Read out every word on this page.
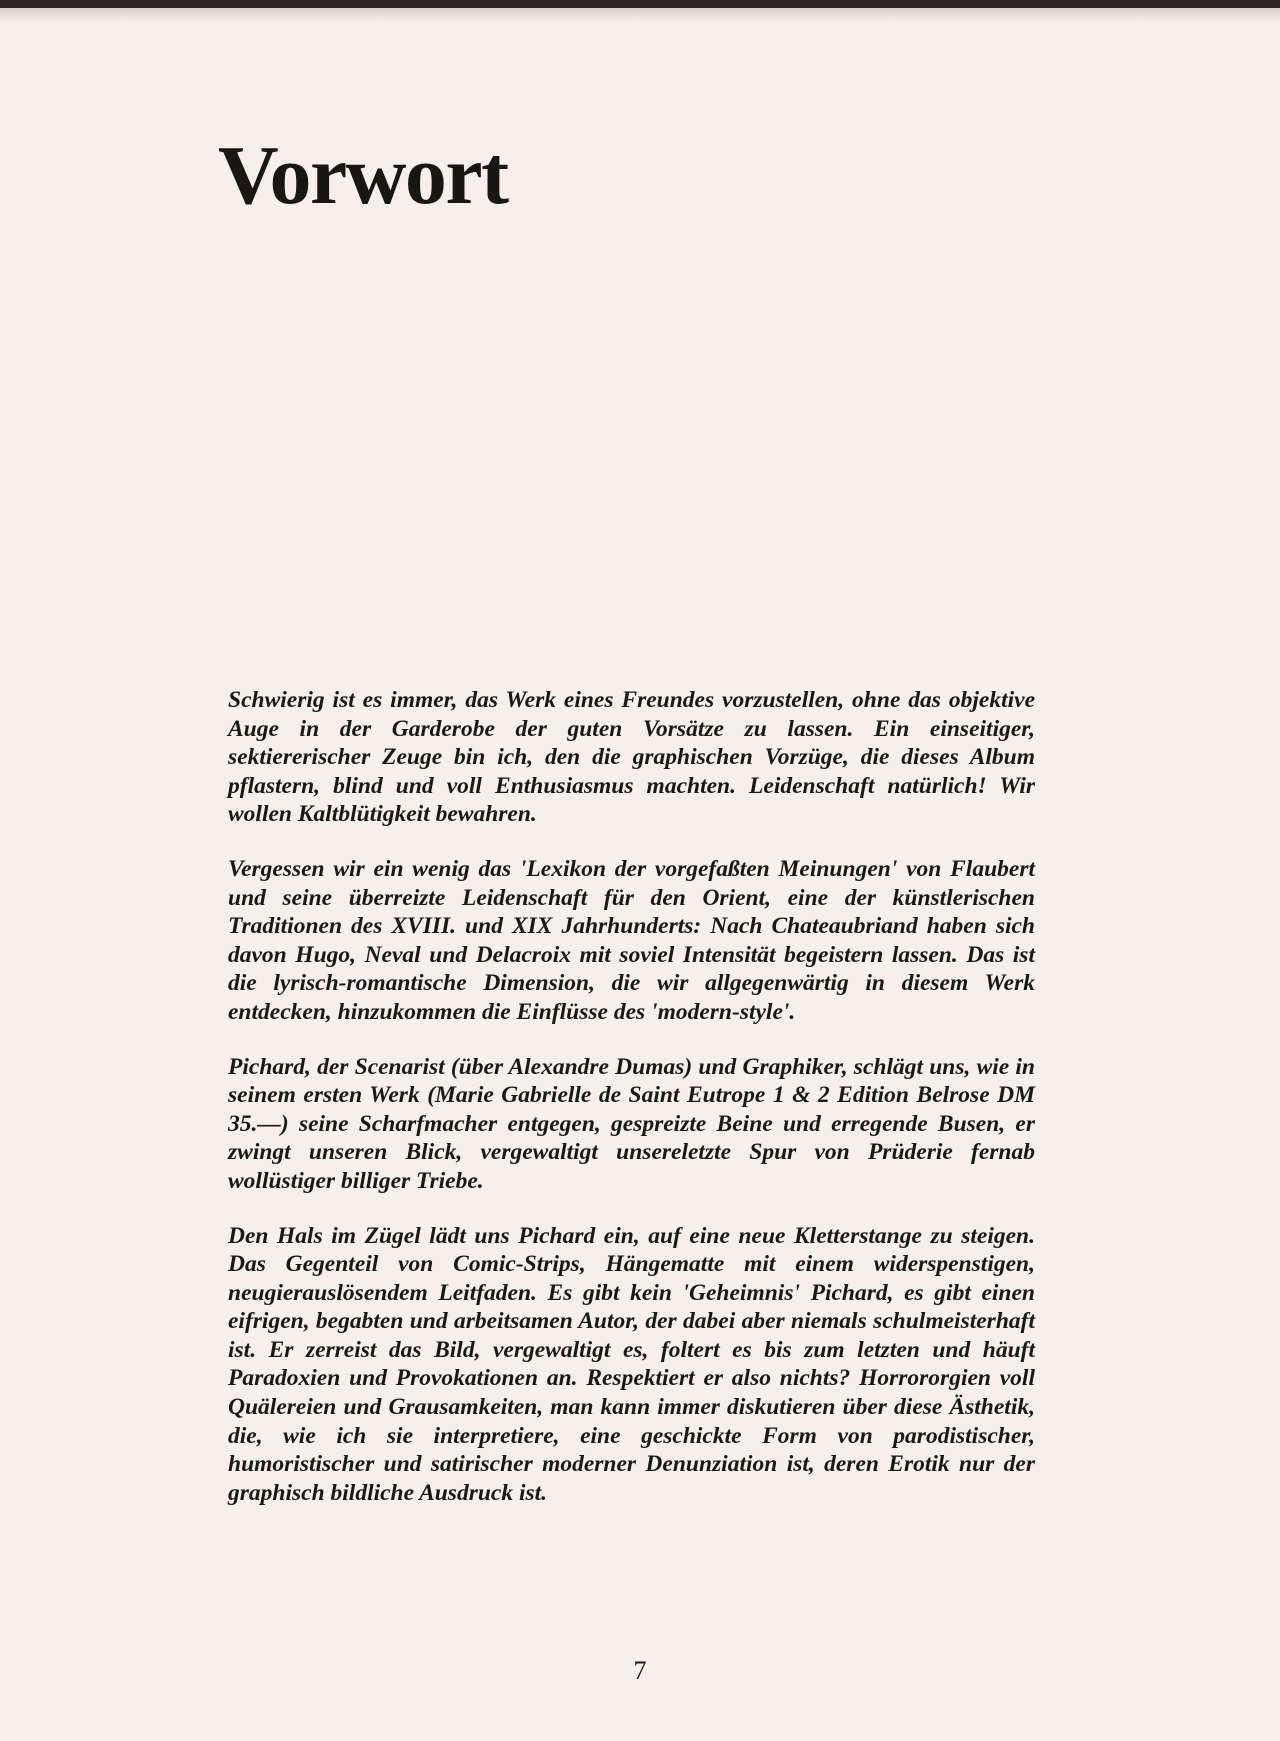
Vorwort

Schwierig ist es immer, das Werk eines Freundes vorzustellen, ohne das objektive Auge in der Garderobe der guten Vorsätze zu lassen. Ein einseitiger, sektiererischer Zeuge bin ich, den die graphischen Vorzüge, die dieses Album pflastern, blind und voll Enthusiasmus machten. Leidenschaft natürlich! Wir wollen Kaltblütigkeit bewahren.

Vergessen wir ein wenig das 'Lexikon der vorgefaßten Meinungen' von Flaubert und seine überreizte Leidenschaft für den Orient, eine der künstlerischen Traditionen des XVIII. und XIX Jahrhunderts: Nach Chateaubriand haben sich davon Hugo, Neval und Delacroix mit soviel Intensität begeistern lassen. Das ist die lyrisch-romantische Dimension, die wir allgegenwärtig in diesem Werk entdecken, hinzukommen die Einflüsse des 'modern-style'.

Pichard, der Scenarist (über Alexandre Dumas) und Graphiker, schlägt uns, wie in seinem ersten Werk (Marie Gabrielle de Saint Eutrope 1 & 2 Edition Belrose DM 35.—) seine Scharfmacher entgegen, gespreizte Beine und erregende Busen, er zwingt unseren Blick, vergewaltigt unsereletzte Spur von Prüderie fernab wollüstiger billiger Triebe.

Den Hals im Zügel lädt uns Pichard ein, auf eine neue Kletterstange zu steigen. Das Gegenteil von Comic-Strips, Hängematte mit einem widerspenstigen, neugierauslösendem Leitfaden. Es gibt kein 'Geheimnis' Pichard, es gibt einen eifrigen, begabten und arbeitsamen Autor, der dabei aber niemals schulmeisterhaft ist. Er zerreist das Bild, vergewaltigt es, foltert es bis zum letzten und häuft Paradoxien und Provokationen an. Respektiert er also nichts? Horrororgien voll Quälereien und Grausamkeiten, man kann immer diskutieren über diese Ästhetik, die, wie ich sie interpretiere, eine geschickte Form von parodistischer, humoristischer und satirischer moderner Denunziation ist, deren Erotik nur der graphisch bildliche Ausdruck ist.

7
